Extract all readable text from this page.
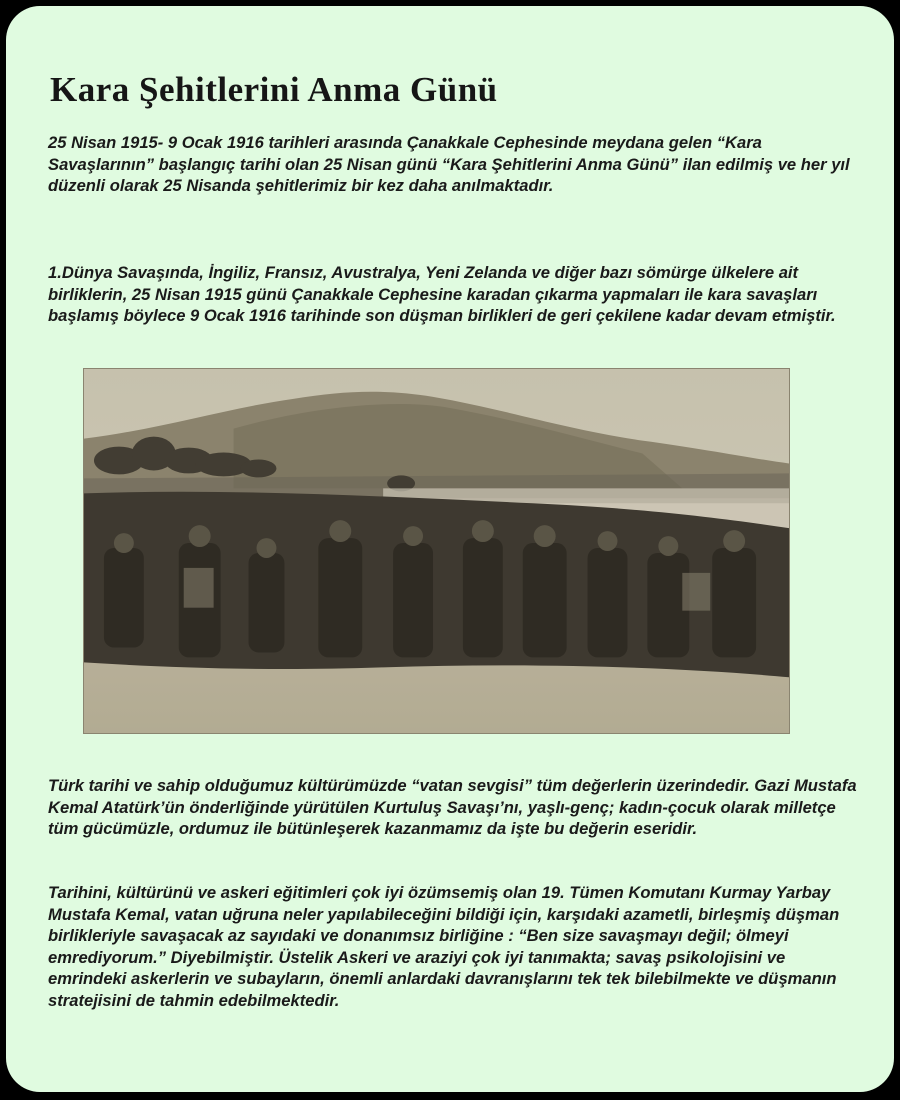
Kara Şehitlerini Anma Günü

25 Nisan 1915- 9 Ocak 1916 tarihleri arasında Çanakkale Cephesinde meydana gelen “Kara Savaşlarının” başlangıç tarihi olan 25 Nisan günü “Kara Şehitlerini Anma Günü” ilan edilmiş ve her yıl düzenli olarak 25 Nisanda şehitlerimiz bir kez daha anılmaktadır.

1.Dünya Savaşında, İngiliz, Fransız, Avustralya, Yeni Zelanda ve diğer bazı sömürge ülkelere ait birliklerin, 25 Nisan 1915 günü Çanakkale Cephesine karadan çıkarma yapmaları ile kara savaşları başlamış böylece 9 Ocak 1916 tarihinde son düşman birlikleri de geri çekilene kadar devam etmiştir.

Türk tarihi ve sahip olduğumuz kültürümüzde “vatan sevgisi” tüm değerlerin üzerindedir. Gazi Mustafa Kemal Atatürk’ün önderliğinde yürütülen Kurtuluş Savaşı’nı, yaşlı-genç; kadın-çocuk olarak milletçe tüm gücümüzle, ordumuz ile bütünleşerek kazanmamız da işte bu değerin eseridir.

Tarihini, kültürünü ve askeri eğitimleri çok iyi özümsemiş olan 19. Tümen Komutanı Kurmay Yarbay Mustafa Kemal, vatan uğruna neler yapılabileceğini bildiği için, karşıdaki azametli, birleşmiş düşman birlikleriyle savaşacak az sayıdaki ve donanımsız birliğine : “Ben size savaşmayı değil; ölmeyi emrediyorum.” Diyebilmiştir. Üstelik Askeri ve araziyi çok iyi tanımakta; savaş psikolojisini ve emrindeki askerlerin ve subayların, önemli anlardaki davranışlarını tek tek bilebilmekte ve düşmanın stratejisini de tahmin edebilmektedir.
